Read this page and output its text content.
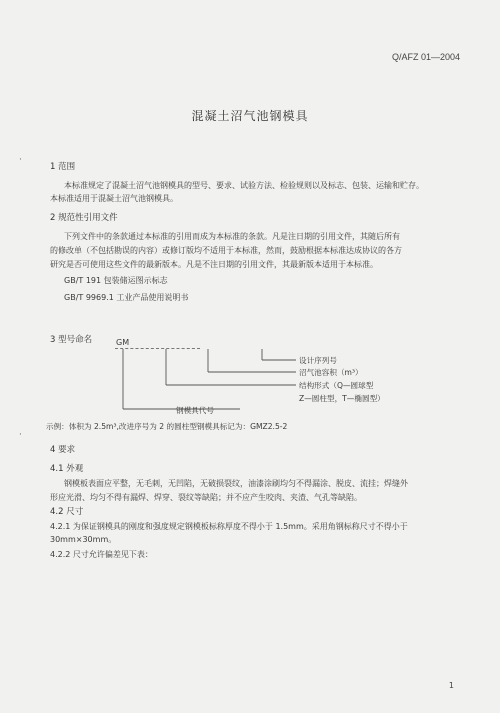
Q/AFZ 01—2004
混凝土沼气池钢模具
·
·
1 范围
本标准规定了混凝土沼气池钢模具的型号、要求、试验方法、检验规则以及标志、包装、运输和贮存。
本标准适用于混凝土沼气池钢模具。
2 规范性引用文件
下列文件中的条款通过本标准的引用而成为本标准的条款。凡是注日期的引用文件，其随后所有
的修改单（不包括勘误的内容）或修订版均不适用于本标准，然而，鼓励根据本标准达成协议的各方
研究是否可使用这些文件的最新版本。凡是不注日期的引用文件，其最新版本适用于本标准。
GB/T 191 包装储运图示标志
GB/T 9969.1 工业产品使用说明书
3 型号命名	GM
设计序列号
沼气池容积（m³）
结构形式（Q—圆球型
Z—圆柱型，T—椭圆型）
钢模具代号
示例：体积为 2.5m³,改进序号为 2 的圆柱型钢模具标记为：GMZ2.5-2
4 要求
4.1 外观
钢模板表面应平整，无毛刺，无凹陷，无破损裂纹，油漆涂刷均匀不得漏涂、脱皮、流挂；焊缝外
形应光滑、均匀不得有漏焊、焊穿、裂纹等缺陷；并不应产生咬肉、夹渣、气孔等缺陷。
4.2 尺寸
4.2.1 为保证钢模具的刚度和强度规定钢模板标称厚度不得小于 1.5mm。采用角钢标称尺寸不得小于
30mm×30mm。
4.2.2 尺寸允许偏差见下表：
1
